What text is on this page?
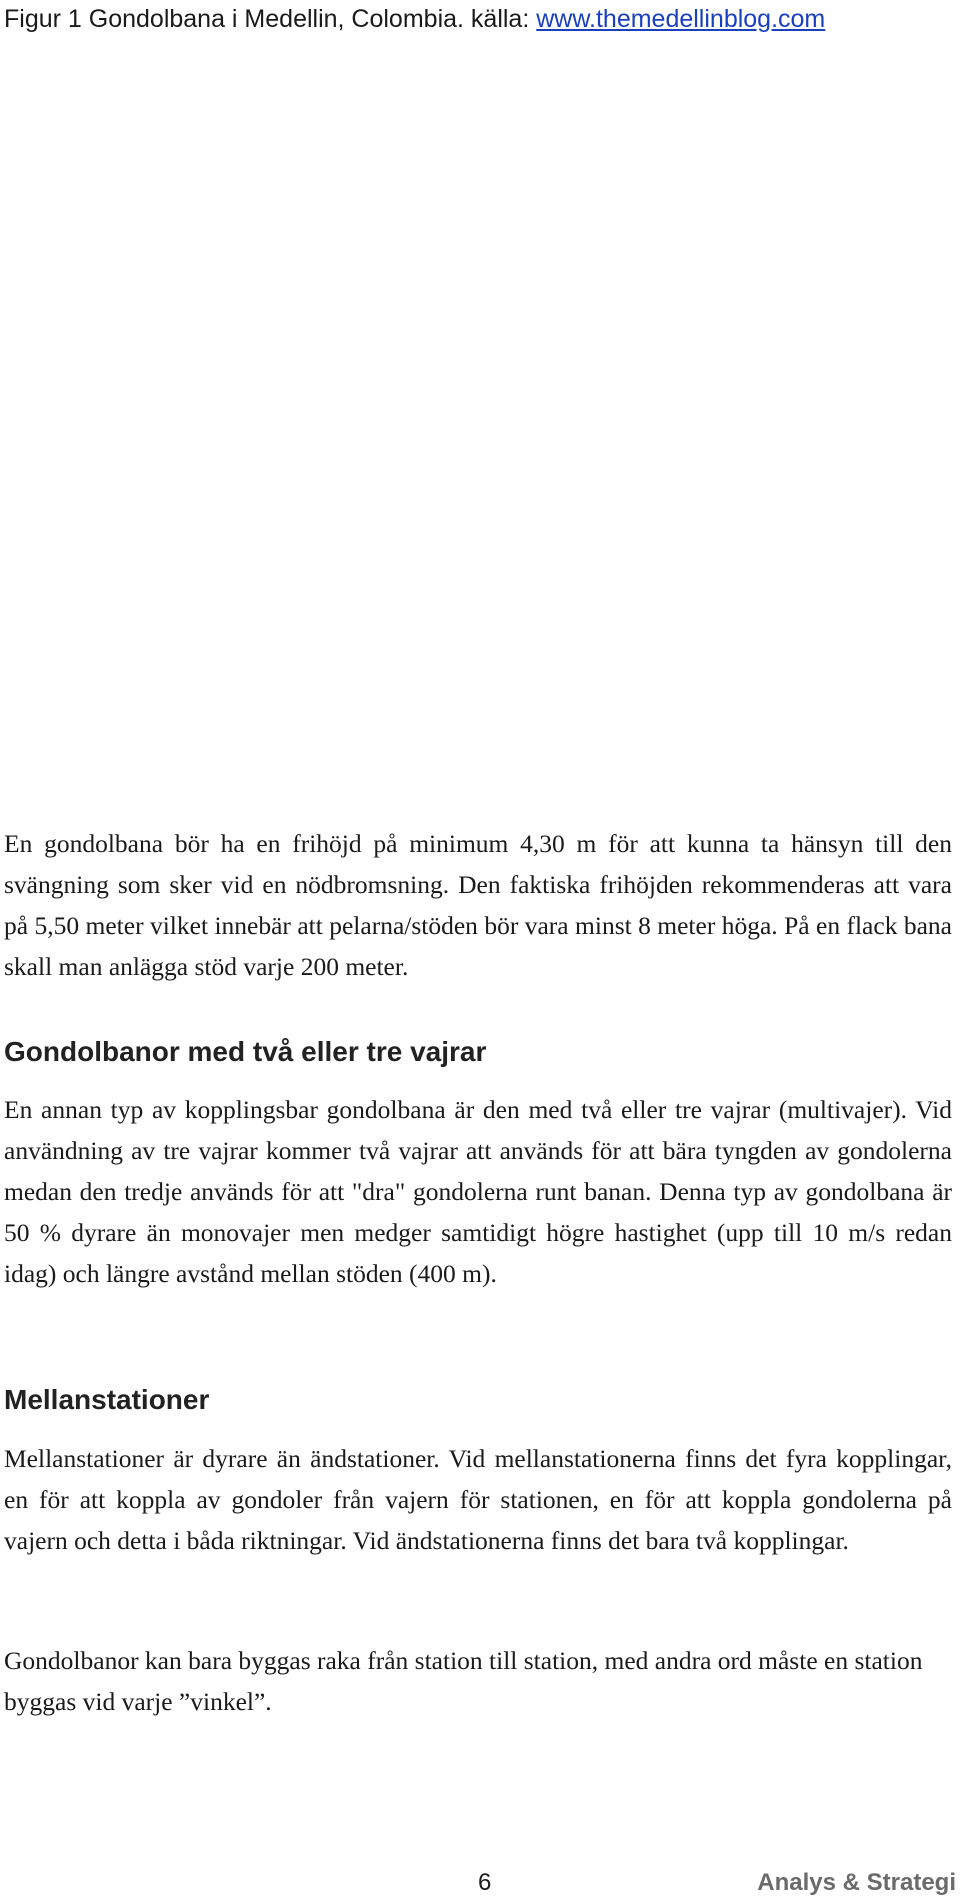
Figur 1 Gondolbana i Medellin, Colombia. källa: www.themedellinblog.com

En gondolbana bör ha en frihöjd på minimum 4,30 m för att kunna ta hänsyn till den svängning som sker vid en nödbromsning. Den faktiska frihöjden rekommenderas att vara på 5,50 meter vilket innebär att pelarna/stöden bör vara minst 8 meter höga. På en flack bana skall man anlägga stöd varje 200 meter.

Gondolbanor med två eller tre vajrar

En annan typ av kopplingsbar gondolbana är den med två eller tre vajrar (multivajer). Vid användning av tre vajrar kommer två vajrar att används för att bära tyngden av gondolerna medan den tredje används för att "dra" gondolerna runt banan. Denna typ av gondolbana är 50 % dyrare än monovajer men medger samtidigt högre hastighet (upp till 10 m/s redan idag) och längre avstånd mellan stöden (400 m).

Mellanstationer

Mellanstationer är dyrare än ändstationer. Vid mellanstationerna finns det fyra kopplingar, en för att koppla av gondoler från vajern för stationen, en för att koppla gondolerna på vajern och detta i båda riktningar. Vid ändstationerna finns det bara två kopplingar.

Gondolbanor kan bara byggas raka från station till station, med andra ord måste en station byggas vid varje ”vinkel”.

6	Analys & Strategi
